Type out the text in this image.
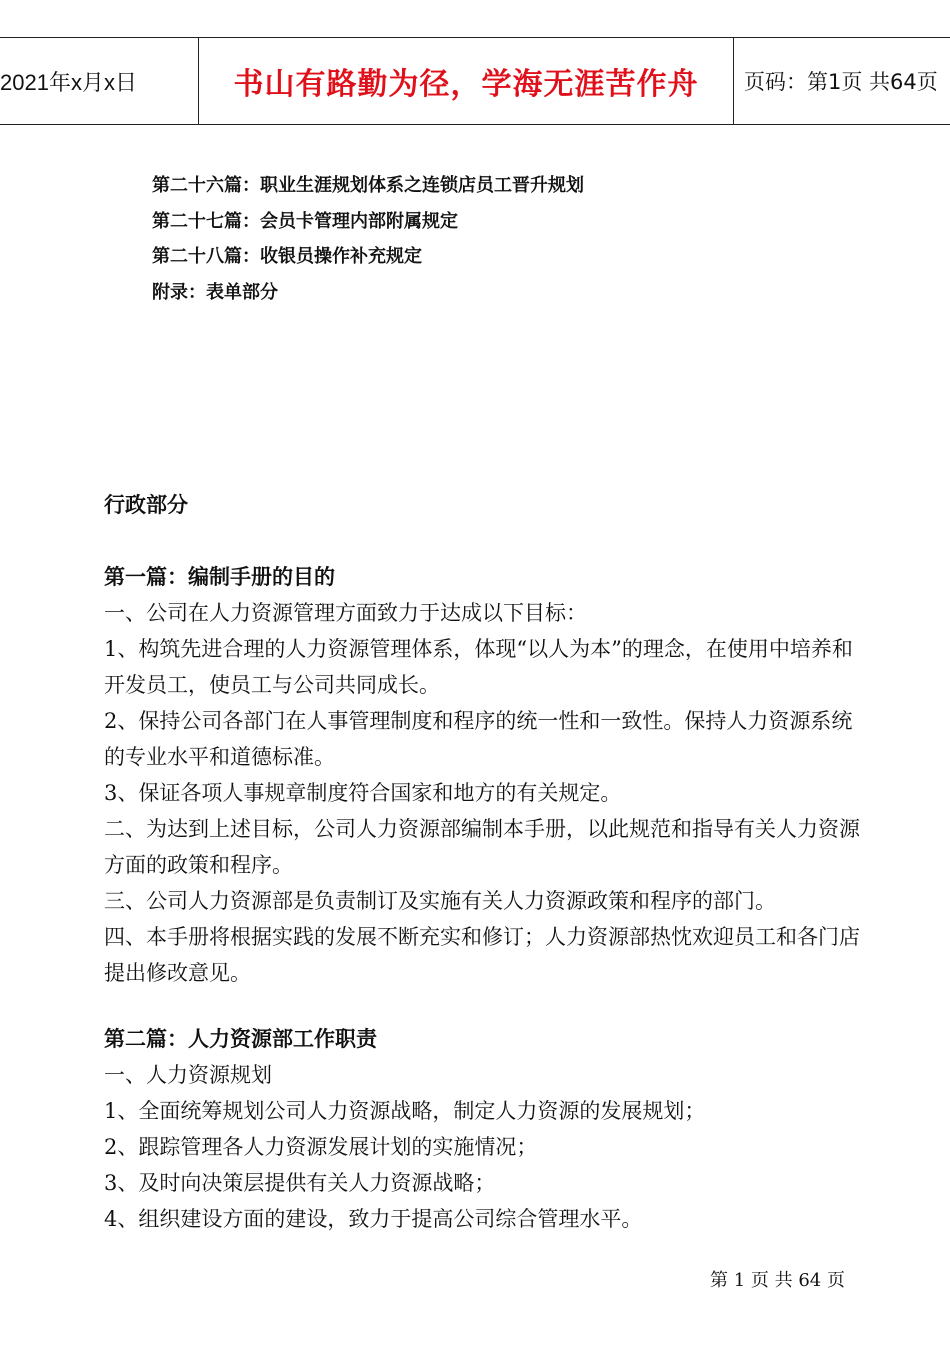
2021年x月x日	书山有路勤为径，学海无涯苦作舟	页码：第1页 共64页
第二十六篇：职业生涯规划体系之连锁店员工晋升规划
第二十七篇：会员卡管理内部附属规定
第二十八篇：收银员操作补充规定
附录：表单部分
行政部分
第一篇：编制手册的目的
一、公司在人力资源管理方面致力于达成以下目标：
1、构筑先进合理的人力资源管理体系，体现“以人为本”的理念，在使用中培养和开发员工，使员工与公司共同成长。
2、保持公司各部门在人事管理制度和程序的统一性和一致性。保持人力资源系统的专业水平和道德标准。
3、保证各项人事规章制度符合国家和地方的有关规定。
二、为达到上述目标，公司人力资源部编制本手册，以此规范和指导有关人力资源方面的政策和程序。
三、公司人力资源部是负责制订及实施有关人力资源政策和程序的部门。
四、本手册将根据实践的发展不断充实和修订；人力资源部热忱欢迎员工和各门店提出修改意见。
第二篇：人力资源部工作职责
一、人力资源规划
1、全面统筹规划公司人力资源战略，制定人力资源的发展规划；
2、跟踪管理各人力资源发展计划的实施情况；
3、及时向决策层提供有关人力资源战略；
4、组织建设方面的建设，致力于提高公司综合管理水平。
第 1 页 共 64 页
